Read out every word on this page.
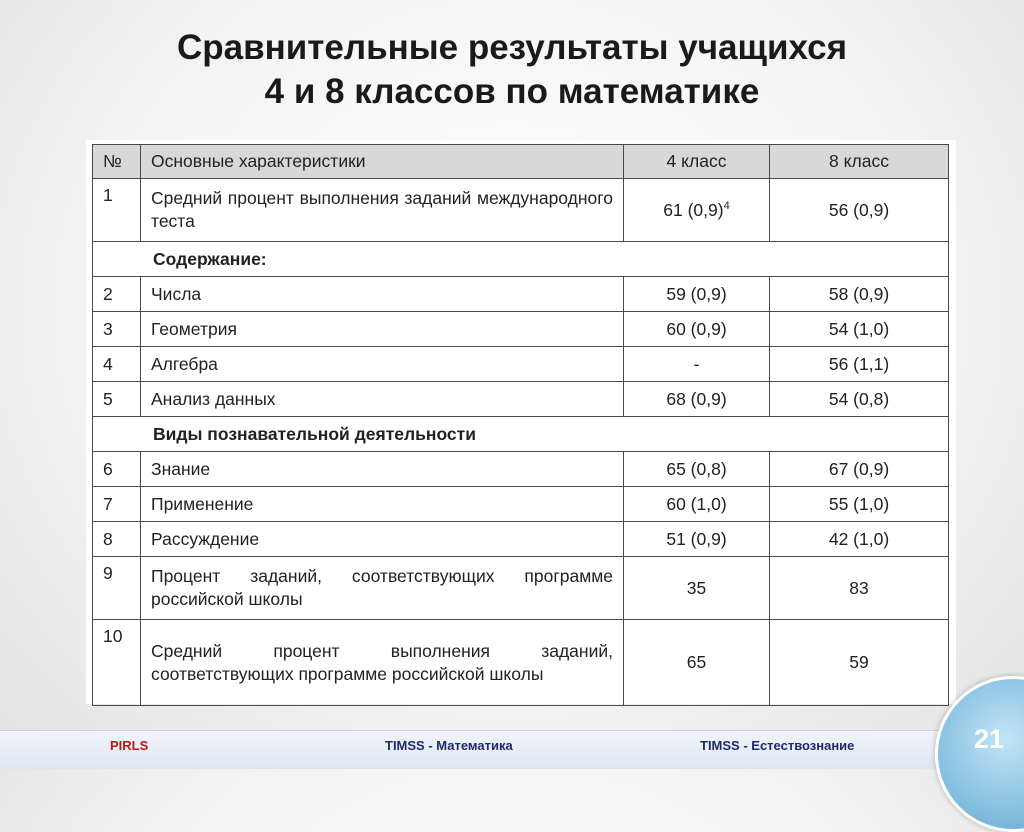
Сравнительные результаты учащихся
4 и 8 классов по математике
№	Основные характеристики	4 класс	8 класс
1	Средний процент выполнения заданий международного теста	61 $(0,9)^4$	56 (0,9)
Содержание:			
2	Числа	59 (0,9)	58 (0,9)
3	Геометрия	60 (0,9)	54 (1,0)
4	Алгебра	-	56 (1,1)
5	Анализ данных	68 (0,9)	54 (0,8)
Виды познавательной деятельности			
6	Знание	65 (0,8)	67 (0,9)
7	Применение	60 (1,0)	55 (1,0)
8	Рассуждение	51 (0,9)	42 (1,0)
9	Процент заданий, соответствующих программе российской школы	35	83
10	Средний процент выполнения заданий, соответствующих программе российской школы	65	59
PIRLS	TIMSS - Математика	TIMSS - Естествознание	21
